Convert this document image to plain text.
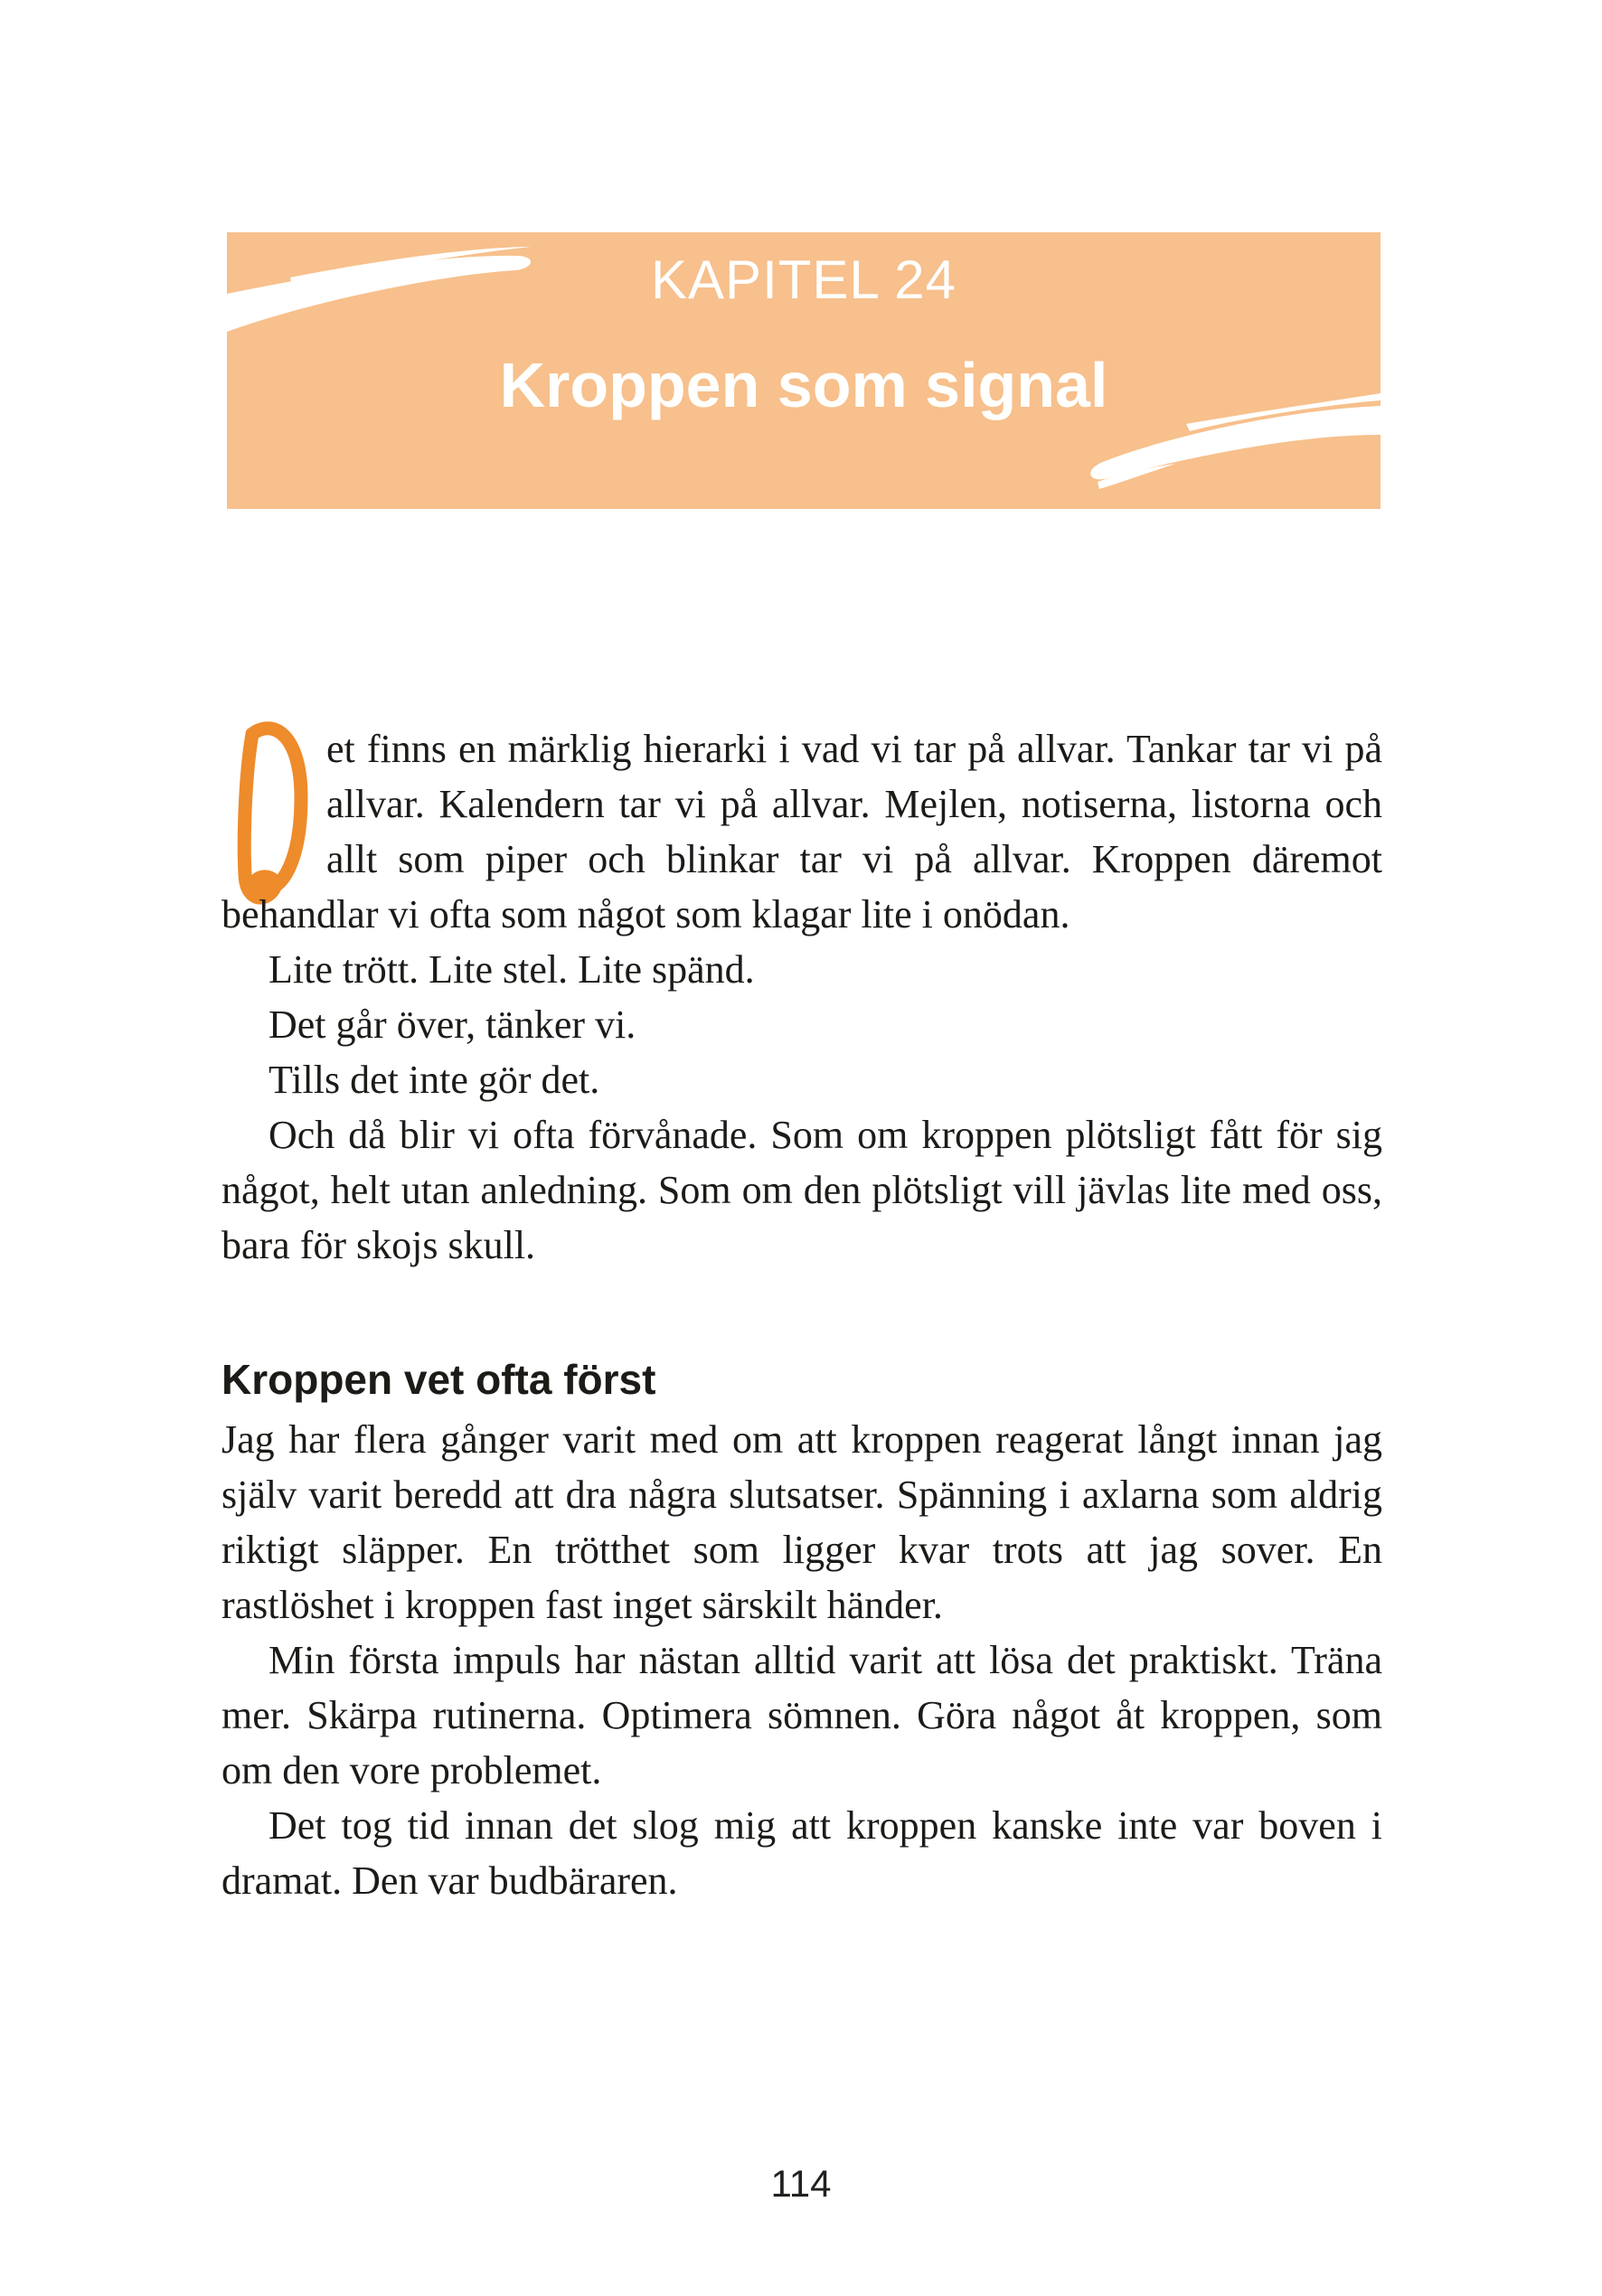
KAPITEL 24
Kroppen som signal

et finns en märklig hierarki i vad vi tar på allvar. Tankar tar vi på allvar. Kalendern tar vi på allvar. Mejlen, notiserna, listorna och allt som piper och blinkar tar vi på allvar. Kroppen däremot behandlar vi ofta som något som klagar lite i onödan.

Lite trött. Lite stel. Lite spänd.

Det går över, tänker vi.

Tills det inte gör det.

Och då blir vi ofta förvånade. Som om kroppen plötsligt fått för sig något, helt utan anledning. Som om den plötsligt vill jävlas lite med oss, bara för skojs skull.

Kroppen vet ofta först

Jag har flera gånger varit med om att kroppen reagerat långt innan jag själv varit beredd att dra några slutsatser. Spänning i axlarna som aldrig riktigt släpper. En trötthet som ligger kvar trots att jag sover. En rastlöshet i kroppen fast inget särskilt händer.

Min första impuls har nästan alltid varit att lösa det praktiskt. Träna mer. Skärpa rutinerna. Optimera sömnen. Göra något åt kroppen, som om den vore problemet.

Det tog tid innan det slog mig att kroppen kanske inte var boven i dramat. Den var budbäraren.

114
